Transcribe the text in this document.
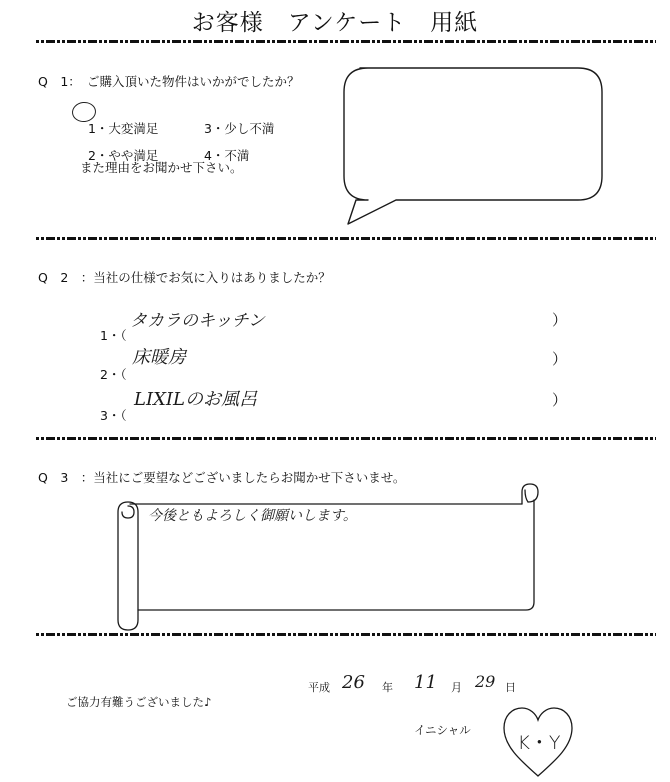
お客様　アンケート　用紙
Q　1：　ご購入頂いた物件はいかがでしたか？

1・大変満足	3・少し不満

2・やや満足	4・不満

また理由をお聞かせ下さい。
Q　2　：当社の仕様でお気に入りはありましたか？

1・（

タカラのキッチン	）

2・（

床暖房	）

3・（

LIXILのお風呂	）
Q　3　：当社にご要望などございましたらお聞かせ下さいませ。
今後ともよろしく御願いします。
平成 26 年 11 月 29 日
ご協力有難うございました♪
イニシャル
K・Y
